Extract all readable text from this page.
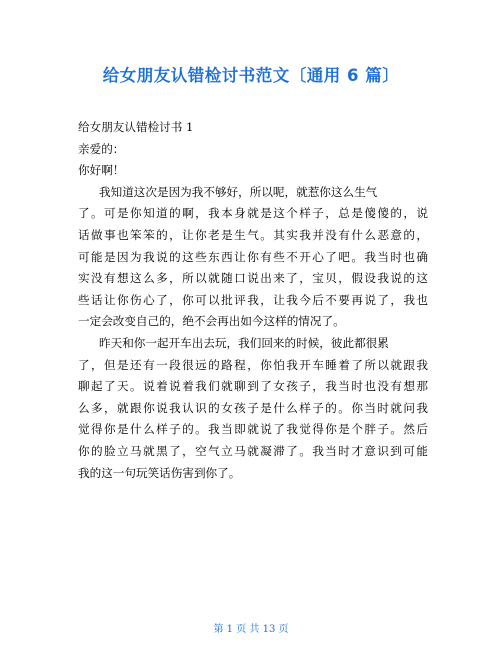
给女朋友认错检讨书范文〔通用 6 篇〕
给女朋友认错检讨书 1
亲爱的：
你好啊！
我知道这次是因为我不够好，所以呢，就惹你这么生气
了。可是你知道的啊，我本身就是这个样子，总是傻傻的，说
话做事也笨笨的，让你老是生气。其实我并没有什么恶意的，
可能是因为我说的这些东西让你有些不开心了吧。我当时也确
实没有想这么多，所以就随口说出来了，宝贝，假设我说的这
些话让你伤心了，你可以批评我，让我今后不要再说了，我也
一定会改变自己的，绝不会再出如今这样的情况了。
昨天和你一起开车出去玩，我们回来的时候，彼此都很累
了，但是还有一段很远的路程，你怕我开车睡着了所以就跟我
聊起了天。说着说着我们就聊到了女孩子，我当时也没有想那
么多，就跟你说我认识的女孩子是什么样子的。你当时就问我
觉得你是什么样子的。我当即就说了我觉得你是个胖子。然后
你的脸立马就黑了，空气立马就凝滞了。我当时才意识到可能
我的这一句玩笑话伤害到你了。
第 1 页 共 13 页
